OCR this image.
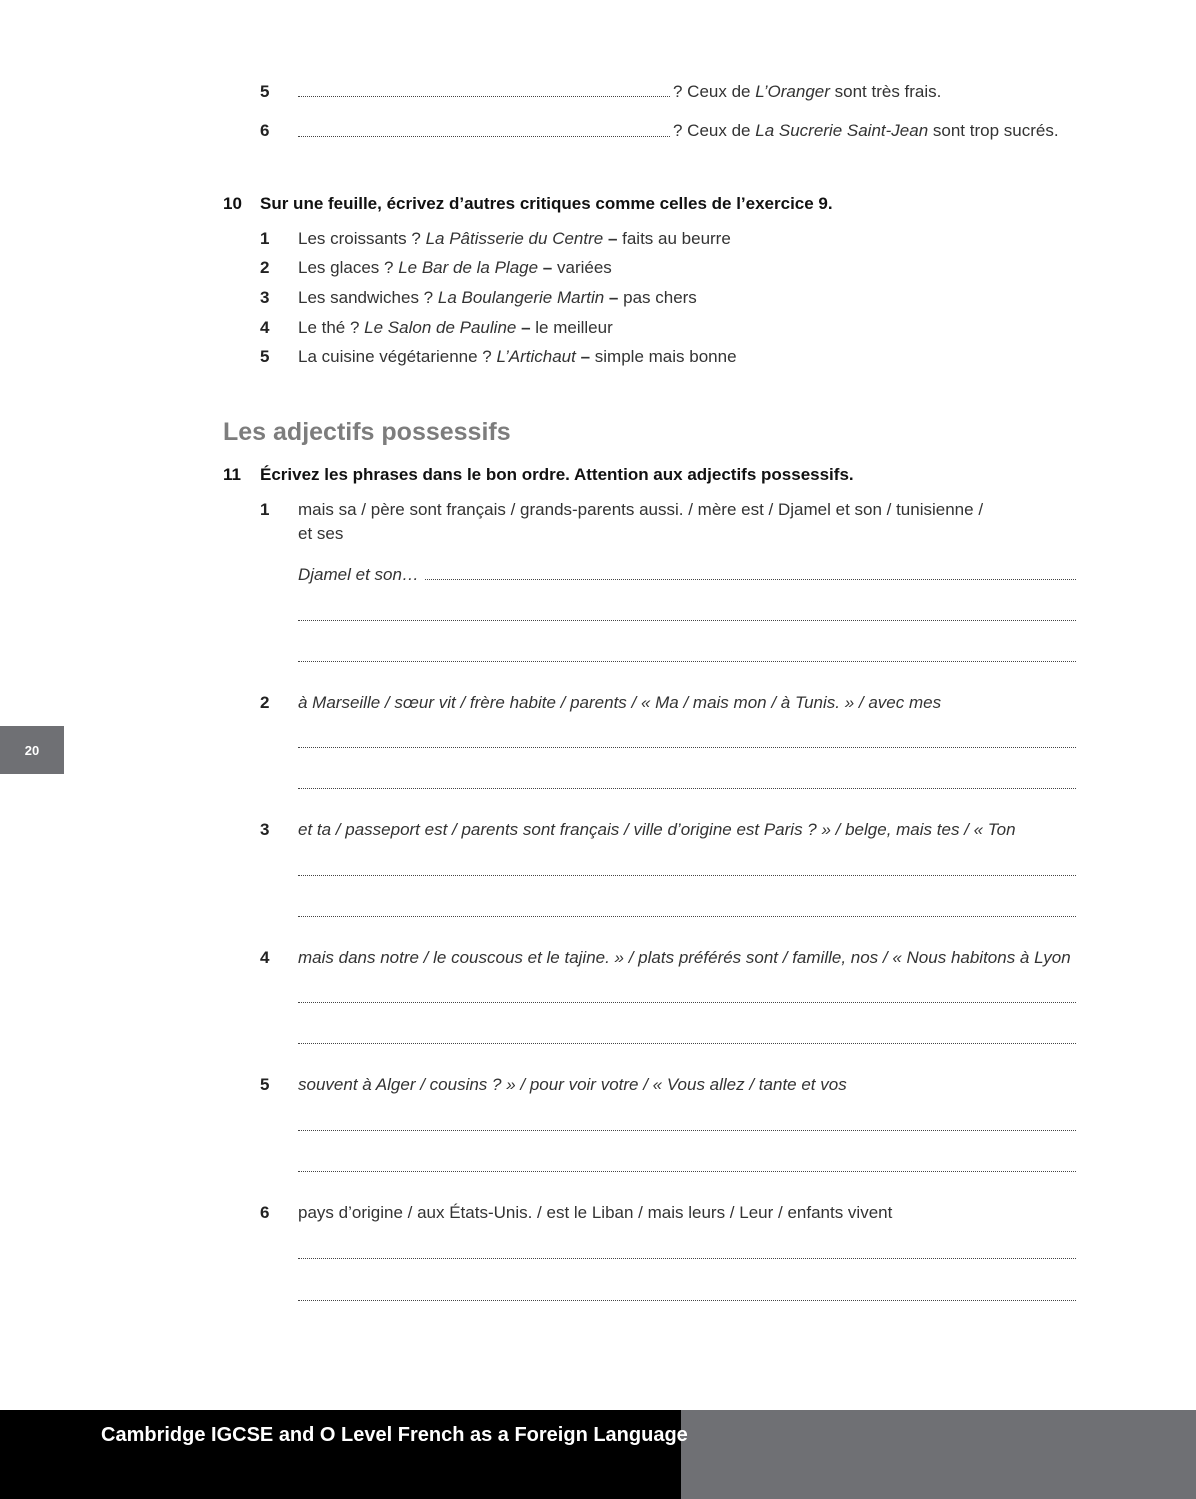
5	? Ceux de L’Oranger sont très frais.
6	? Ceux de La Sucrerie Saint-Jean sont trop sucrés.
10 Sur une feuille, écrivez d’autres critiques comme celles de l’exercice 9.
1 Les croissants ? La Pâtisserie du Centre – faits au beurre
2 Les glaces ? Le Bar de la Plage – variées
3 Les sandwiches ? La Boulangerie Martin – pas chers
4 Le thé ? Le Salon de Pauline – le meilleur
5 La cuisine végétarienne ? L’Artichaut – simple mais bonne
Les adjectifs possessifs
11 Écrivez les phrases dans le bon ordre. Attention aux adjectifs possessifs.
1 mais sa / père sont français / grands-parents aussi. / mère est / Djamel et son / tunisienne /
et ses
Djamel et son…
2 à Marseille / sœur vit / frère habite / parents / « Ma / mais mon / à Tunis. » / avec mes
3 et ta / passeport est / parents sont français / ville d’origine est Paris ? » / belge, mais tes / « Ton
4 mais dans notre / le couscous et le tajine. » / plats préférés sont / famille, nos / « Nous habitons à Lyon
5 souvent à Alger / cousins ? » / pour voir votre / « Vous allez / tante et vos
6 pays d’origine / aux États-Unis. / est le Liban / mais leurs / Leur / enfants vivent
20
Cambridge IGCSE and O Level French as a Foreign Language
